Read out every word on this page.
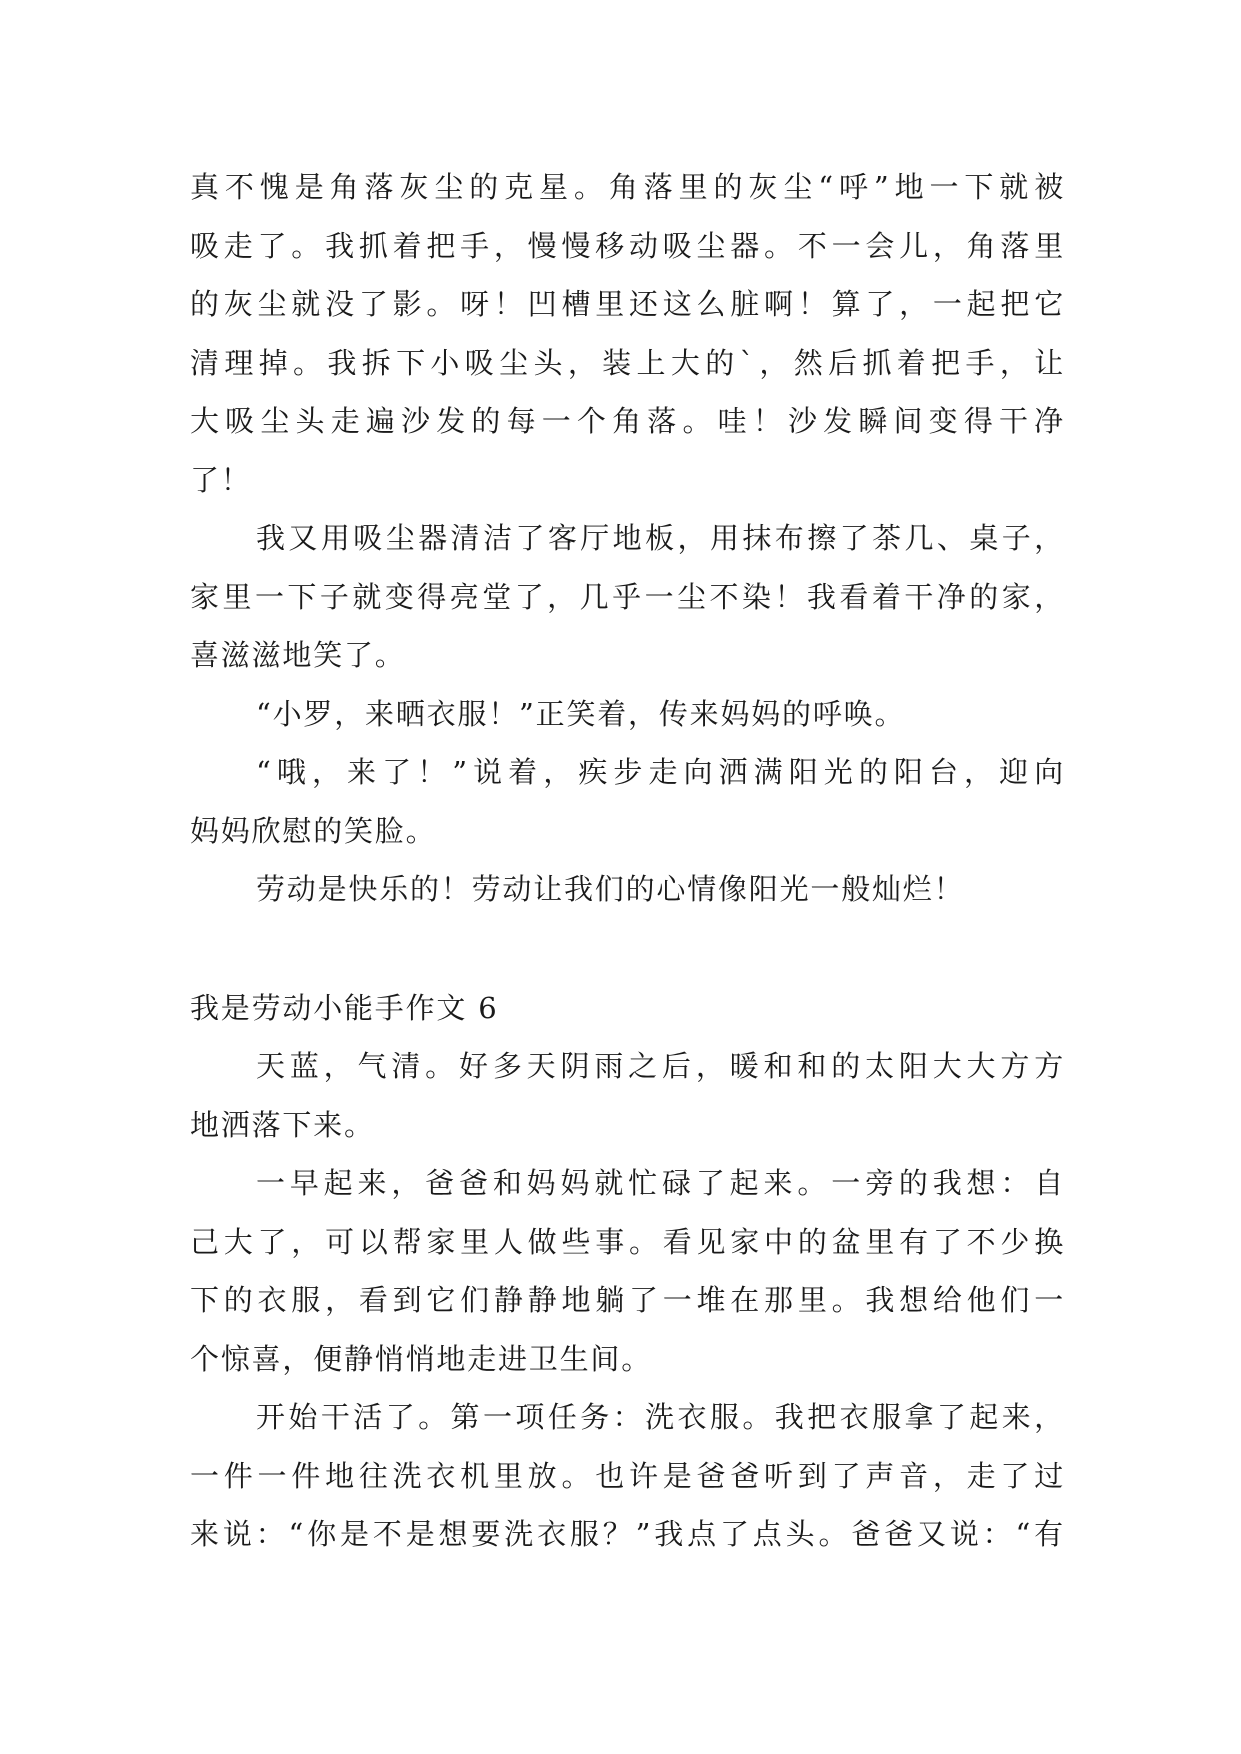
真不愧是角落灰尘的克星。角落里的灰尘“呼”地一下就被
吸走了。我抓着把手，慢慢移动吸尘器。不一会儿，角落里
的灰尘就没了影。呀！凹槽里还这么脏啊！算了，一起把它
清理掉。我拆下小吸尘头，装上大的`，然后抓着把手，让
大吸尘头走遍沙发的每一个角落。哇！沙发瞬间变得干净
了！
我又用吸尘器清洁了客厅地板，用抹布擦了茶几、桌子，
家里一下子就变得亮堂了，几乎一尘不染！我看着干净的家，
喜滋滋地笑了。
“小罗，来晒衣服！”正笑着，传来妈妈的呼唤。
“哦，来了！”说着，疾步走向洒满阳光的阳台，迎向
妈妈欣慰的笑脸。
劳动是快乐的！劳动让我们的心情像阳光一般灿烂！
我是劳动小能手作文 6
天蓝，气清。好多天阴雨之后，暖和和的太阳大大方方
地洒落下来。
一早起来，爸爸和妈妈就忙碌了起来。一旁的我想：自
己大了，可以帮家里人做些事。看见家中的盆里有了不少换
下的衣服，看到它们静静地躺了一堆在那里。我想给他们一
个惊喜，便静悄悄地走进卫生间。
开始干活了。第一项任务：洗衣服。我把衣服拿了起来，
一件一件地往洗衣机里放。也许是爸爸听到了声音，走了过
来说：“你是不是想要洗衣服？”我点了点头。爸爸又说：“有
